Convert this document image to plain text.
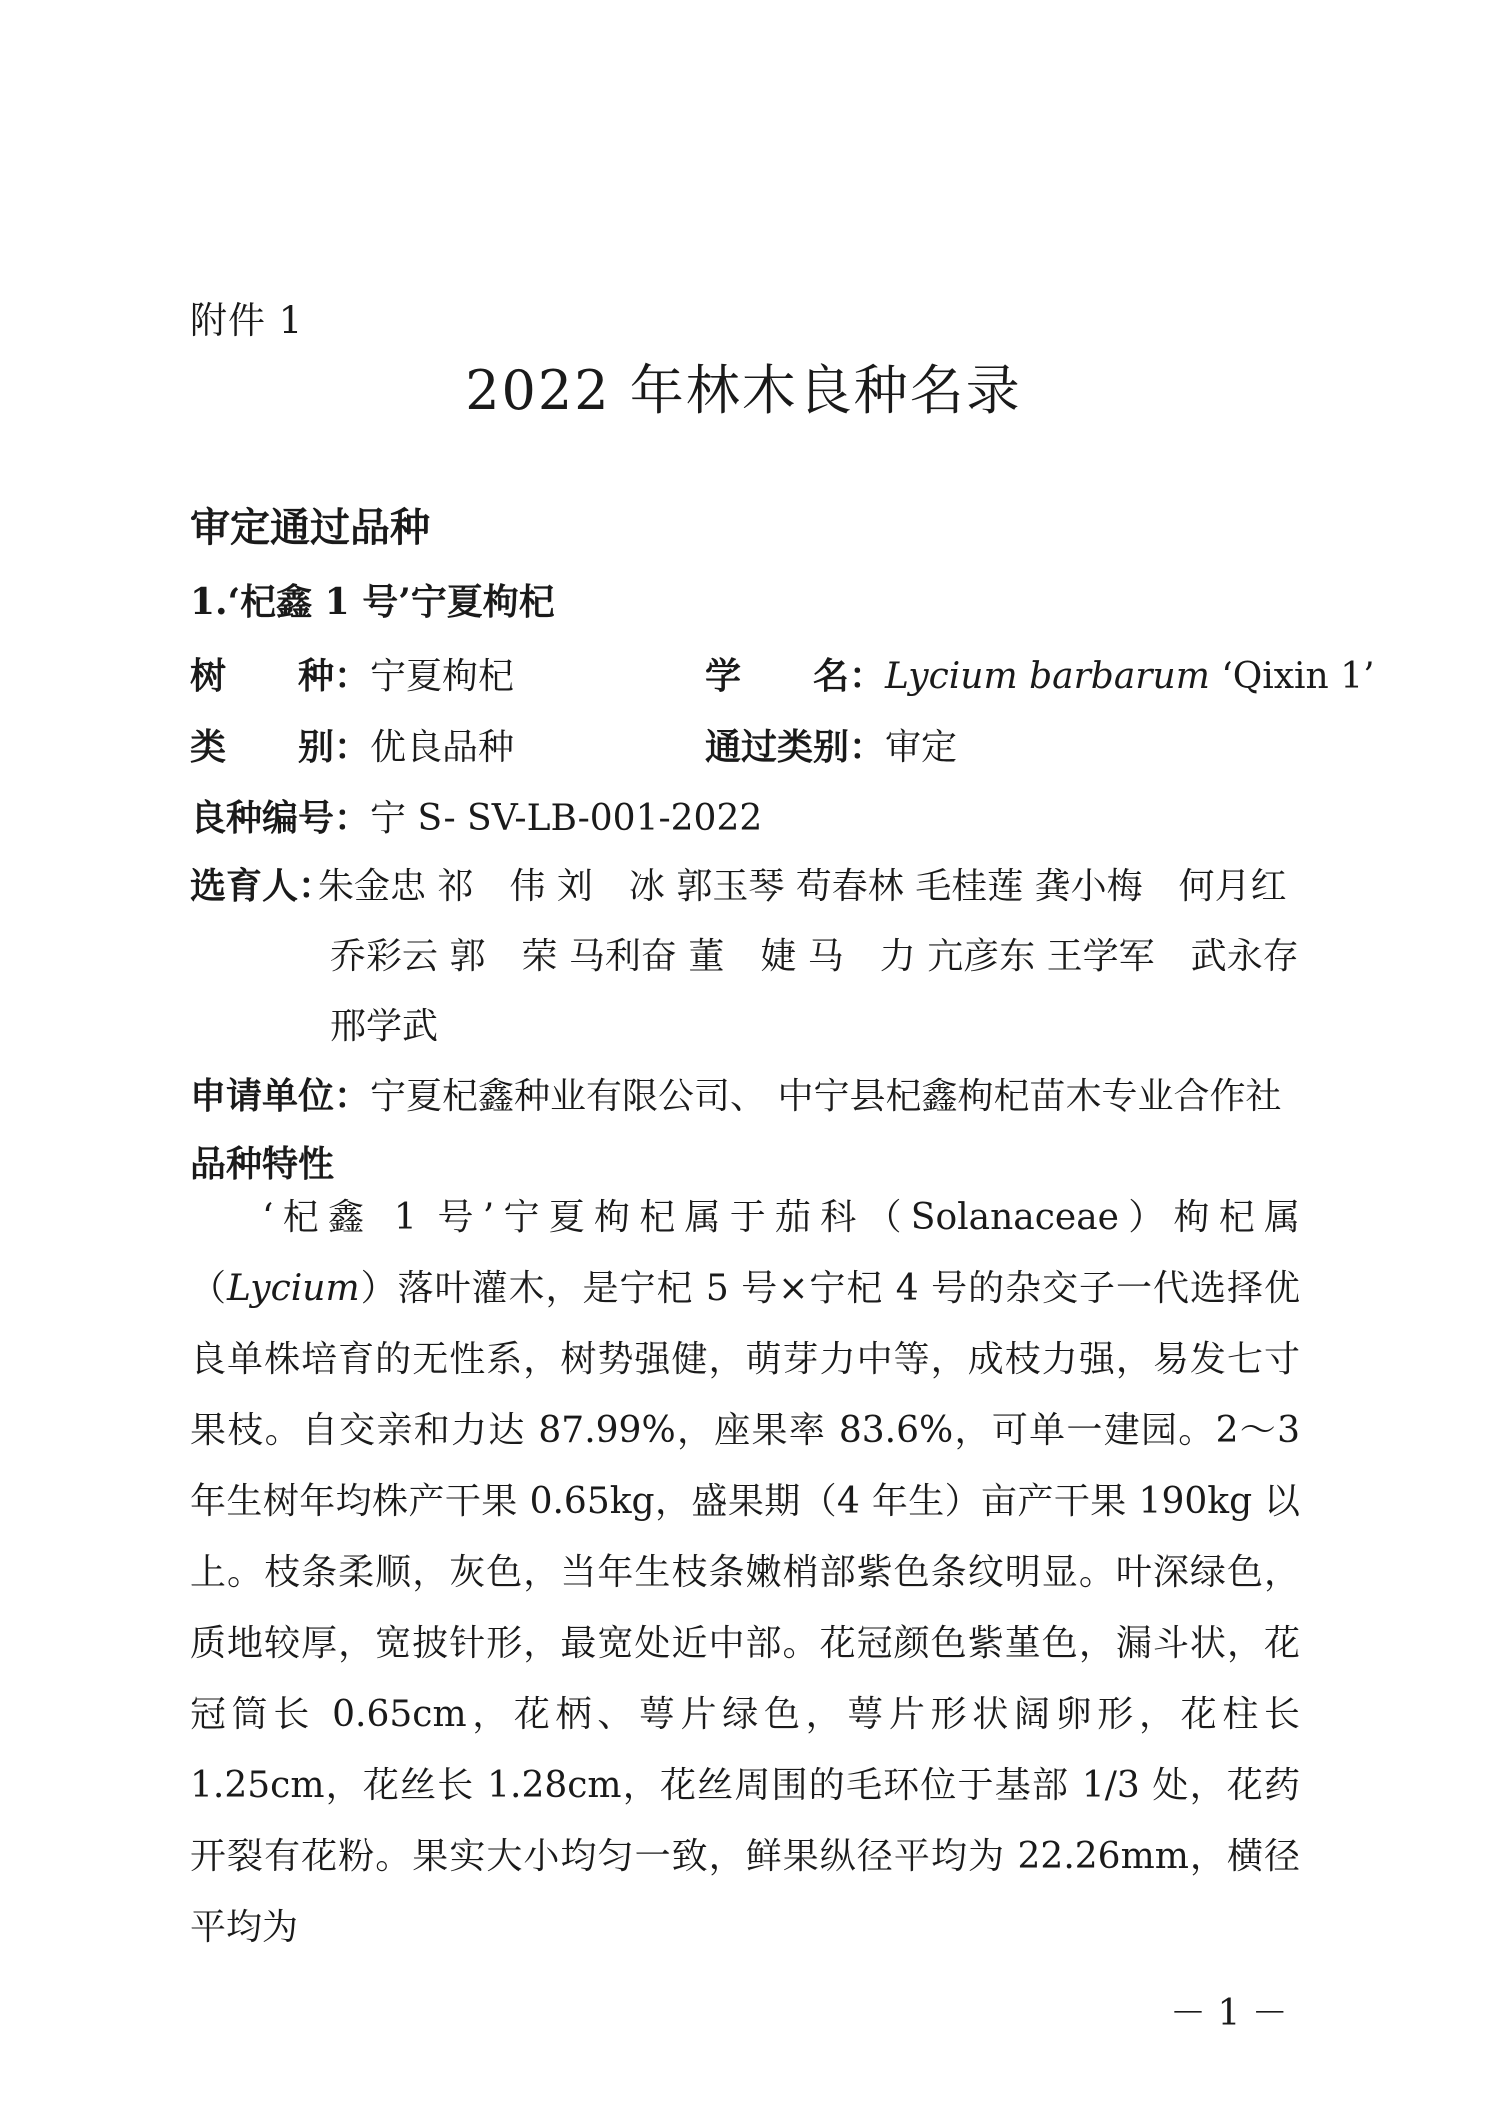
附件 1
2022 年林木良种名录
审定通过品种
1.‘杞鑫 1 号’宁夏枸杞
树　　种：宁夏枸杞	学　　名：Lycium barbarum ‘Qixin 1’
类　　别：优良品种	通过类别：审定
良种编号：宁 S- SV-LB-001-2022
选育人：
朱金忠 祁　伟 刘　冰 郭玉琴 苟春林 毛桂莲 龚小梅　何月红
乔彩云 郭　荣 马利奋 董　婕 马　力 亢彦东 王学军　武永存
邢学武
申请单位：宁夏杞鑫种业有限公司、 中宁县杞鑫枸杞苗木专业合作社
品种特性

‘杞鑫 1 号’宁夏枸杞属于茄科（Solanaceae）枸杞属（Lycium）落叶灌木，是宁杞 5 号×宁杞 4 号的杂交子一代选择优良单株培育的无性系，树势强健，萌芽力中等，成枝力强，易发七寸果枝。自交亲和力达 87.99%，座果率 83.6%，可单一建园。2～3 年生树年均株产干果 0.65kg，盛果期（4 年生）亩产干果 190kg 以上。枝条柔顺，灰色，当年生枝条嫩梢部紫色条纹明显。叶深绿色，质地较厚，宽披针形，最宽处近中部。花冠颜色紫堇色，漏斗状，花冠筒长 0.65cm，花柄、萼片绿色，萼片形状阔卵形，花柱长 1.25cm，花丝长 1.28cm，花丝周围的毛环位于基部 1/3 处，花药开裂有花粉。果实大小均匀一致，鲜果纵径平均为 22.26mm，横径平均为

－ 1 －
